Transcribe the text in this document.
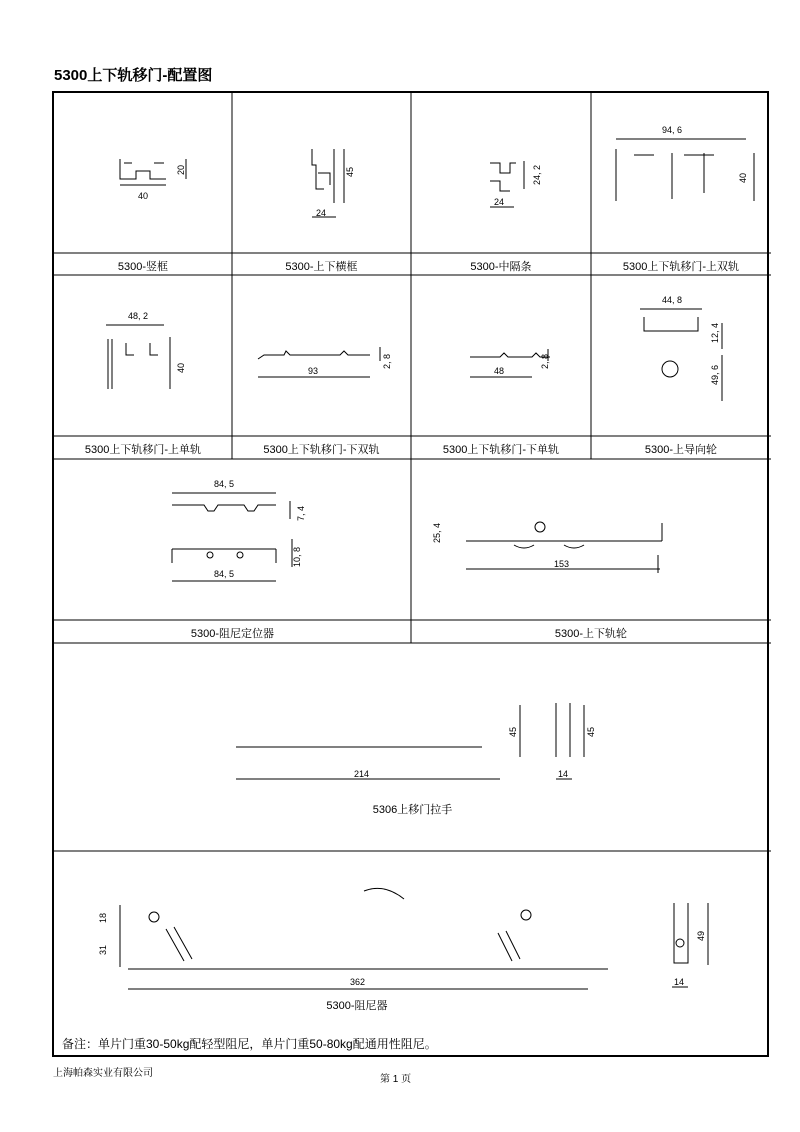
5300上下轨移门-配置图
40
20	45
24
24, 2
24
94, 6
40
48, 2
40	93
2, 8
48
2, 8
44, 8
12, 4
49, 6
84, 5
7, 4
84, 5
10, 8
25, 4
153
214
45	45
14
18
31
362
49
14
5300-竖框	5300-上下横框	5300-中隔条	5300上下轨移门-上双轨
5300上下轨移门-上单轨	5300上下轨移门-下双轨	5300上下轨移门-下单轨	5300-上导向轮
5300-阻尼定位器	5300-上下轨轮
5306上移门拉手
5300-阻尼器
备注：单片门重30-50kg配轻型阻尼，单片门重50-80kg配通用性阻尼。
上海帕森实业有限公司
第 1 页
